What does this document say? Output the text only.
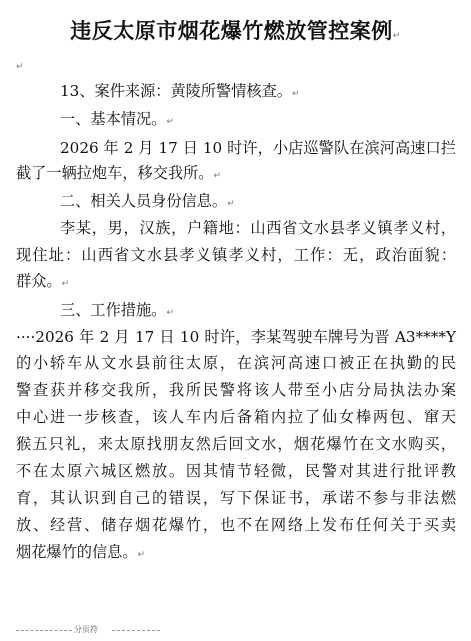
违反太原市烟花爆竹燃放管控案例↵
↵
13、案件来源：黄陵所警情核查。↵
一、基本情况。↵
2026 年 2 月 17 日 10 时许，小店巡警队在滨河高速口拦
截了一辆拉炮车，移交我所。↵
二、相关人员身份信息。↵
李某，男，汉族，户籍地：山西省文水县孝义镇孝义村，
现住址：山西省文水县孝义镇孝义村，工作：无，政治面貌：
群众。↵
三、工作措施。↵
····2026 年 2 月 17 日 10 时许，李某驾驶车牌号为晋 A3****Y
的小轿车从文水县前往太原，在滨河高速口被正在执勤的民
警查获并移交我所，我所民警将该人带至小店分局执法办案
中心进一步核查，该人车内后备箱内拉了仙女棒两包、窜天
猴五只礼，来太原找朋友然后回文水，烟花爆竹在文水购买，
不在太原六城区燃放。因其情节轻微，民警对其进行批评教
育，其认识到自己的错误，写下保证书，承诺不参与非法燃
放、经营、储存烟花爆竹，也不在网络上发布任何关于买卖
烟花爆竹的信息。↵
分页符
